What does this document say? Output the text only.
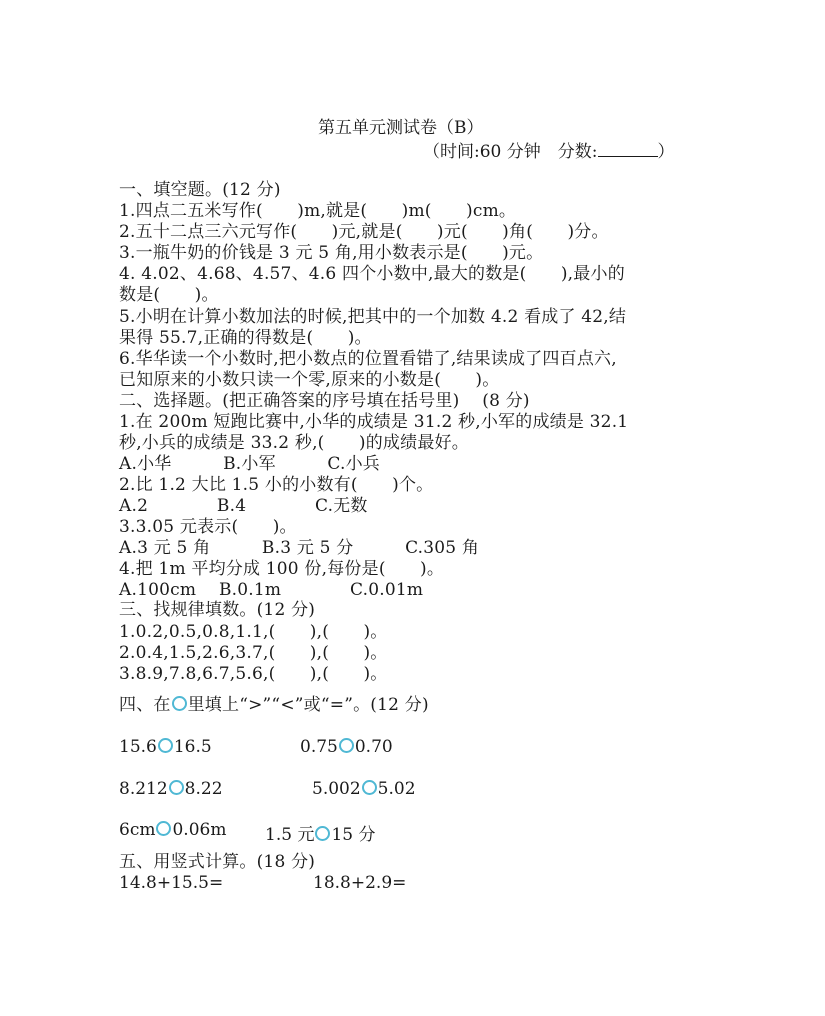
第五单元测试卷（B）
（时间:60 分钟　分数:	）
一、填空题。(12 分)
1.四点二五米写作(　　)m,就是(　　)m(　　)cm。
2.五十二点三六元写作(　　)元,就是(　　)元(　　)角(　　)分。
3.一瓶牛奶的价钱是 3 元 5 角,用小数表示是(　　)元。
4. 4.02、4.68、4.57、4.6 四个小数中,最大的数是(　　),最小的
数是(　　)。
5.小明在计算小数加法的时候,把其中的一个加数 4.2 看成了 42,结
果得 55.7,正确的得数是(　　)。
6.华华读一个小数时,把小数点的位置看错了,结果读成了四百点六,
已知原来的小数只读一个零,原来的小数是(　　)。
二、选择题。(把正确答案的序号填在括号里)　 (8 分)
1.在 200m 短跑比赛中,小华的成绩是 31.2 秒,小军的成绩是 32.1
秒,小兵的成绩是 33.2 秒,(　　)的成绩最好。
A.小华　　　B.小军　　　C.小兵
2.比 1.2 大比 1.5 小的小数有(　　)个。
A.2　　　　B.4　　　　C.无数
3.3.05 元表示(　　)。
A.3 元 5 角　　　B.3 元 5 分　　　C.305 角
4.把 1m 平均分成 100 份,每份是(　　)。
A.100cm　 B.0.1m　　　　C.0.01m
三、找规律填数。(12 分)
1.0.2,0.5,0.8,1.1,(　　),(　　)。
2.0.4,1.5,2.6,3.7,(　　),(　　)。
3.8.9,7.8,6.7,5.6,(　　),(　　)。
四、在 里填上“>”“<”或“=”。(12 分)
15.6 16.5	0.75 0.70
8.212 8.22	5.002 5.02
6cm 0.06m 1.5 元 15 分
五、用竖式计算。(18 分)
14.8+15.5=	18.8+2.9=
